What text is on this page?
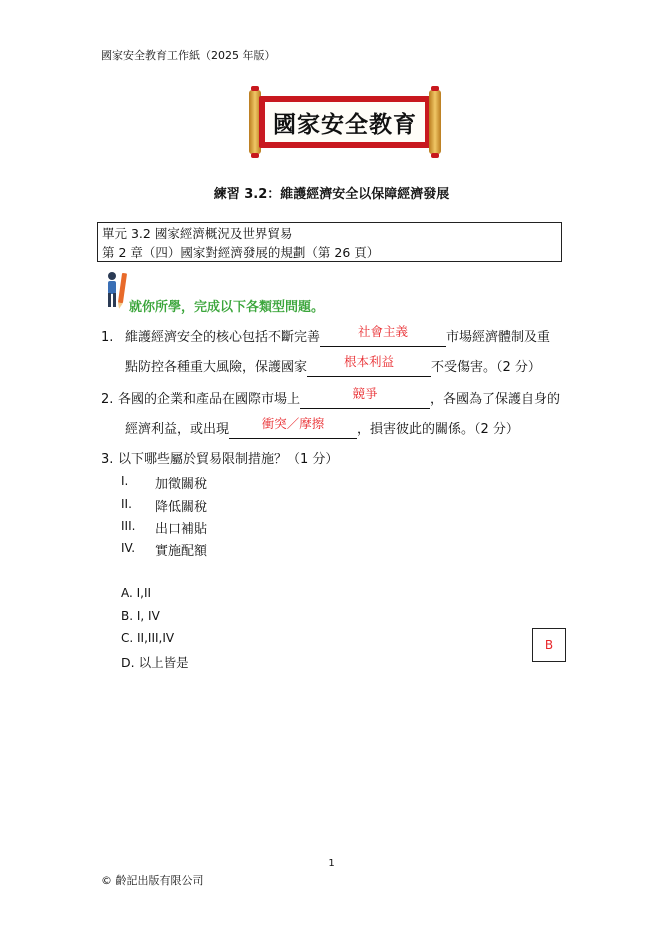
國家安全教育工作紙（2025 年版）
國家安全教育
練習 3.2：維護經濟安全以保障經濟發展
單元 3.2 國家經濟概況及世界貿易
第 2 章（四）國家對經濟發展的規劃（第 26 頁）
就你所學，完成以下各類型問題。
1. 維護經濟安全的核心包括不斷完善	社會主義	市場經濟體制及重
點防控各種重大風險，保護國家	根本利益	不受傷害。（2 分）
2. 各國的企業和產品在國際市場上	競爭	，各國為了保護自身的
經濟利益，或出現	衝突／摩擦	，損害彼此的關係。（2 分）
3. 以下哪些屬於貿易限制措施？（1 分）
I. 加徵關稅
II. 降低關稅
III. 出口補貼
IV. 實施配額
A. I,II
B. I, IV
C. II,III,IV
D. 以上皆是
B
1
© 齡記出版有限公司
